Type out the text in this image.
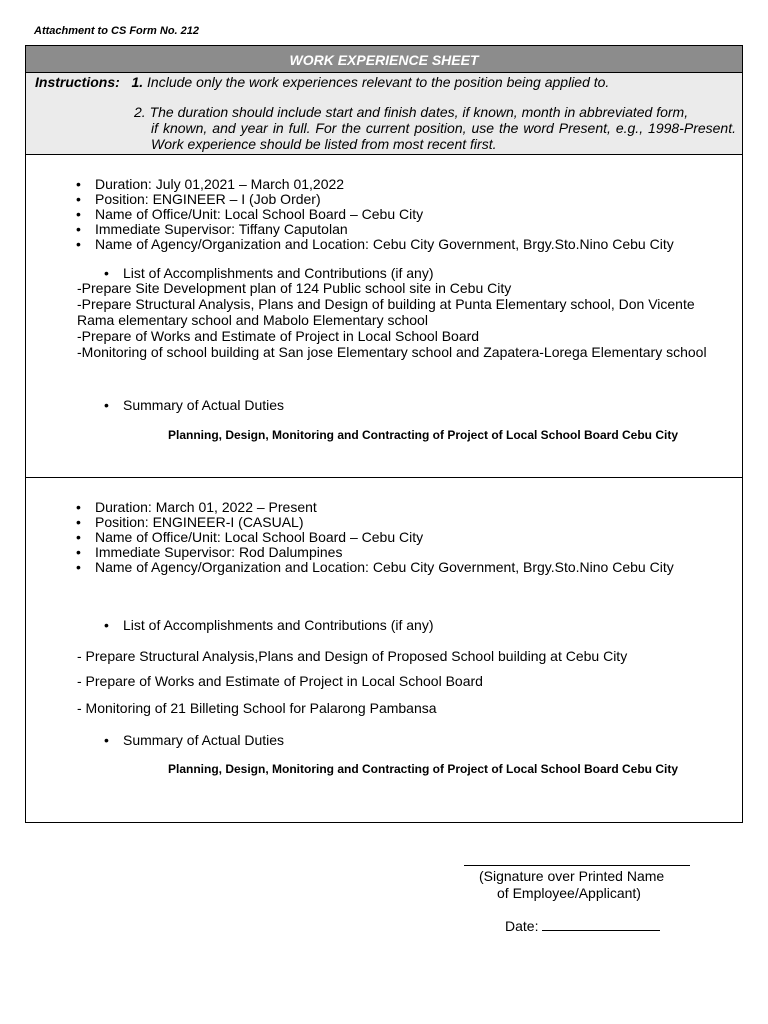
Attachment to CS Form No. 212
WORK EXPERIENCE SHEET
Instructions: 1. Include only the work experiences relevant to the position being applied to.
2. The duration should include start and finish dates, if known, month in abbreviated form,
if known, and year in full. For the current position, use the word Present, e.g., 1998-Present. Work experience should be listed from most recent first.
• Duration: July 01,2021 – March 01,2022
• Position: ENGINEER – I (Job Order)
• Name of Office/Unit: Local School Board – Cebu City
• Immediate Supervisor: Tiffany Caputolan
• Name of Agency/Organization and Location: Cebu City Government, Brgy.Sto.Nino Cebu City
• List of Accomplishments and Contributions (if any)
-Prepare Site Development plan of 124 Public school site in Cebu City
-Prepare Structural Analysis, Plans and Design of building at Punta Elementary school, Don Vicente Rama elementary school and Mabolo Elementary school
-Prepare of Works and Estimate of Project in Local School Board
-Monitoring of school building at San jose Elementary school and Zapatera-Lorega Elementary school
• Summary of Actual Duties
Planning, Design, Monitoring and Contracting of Project of Local School Board Cebu City
• Duration: March 01, 2022 – Present
• Position: ENGINEER-I (CASUAL)
• Name of Office/Unit: Local School Board – Cebu City
• Immediate Supervisor: Rod Dalumpines
• Name of Agency/Organization and Location: Cebu City Government, Brgy.Sto.Nino Cebu City
• List of Accomplishments and Contributions (if any)
- Prepare Structural Analysis,Plans and Design of Proposed School building at Cebu City
- Prepare of Works and Estimate of Project in Local School Board
- Monitoring of 21 Billeting School for Palarong Pambansa
• Summary of Actual Duties
Planning, Design, Monitoring and Contracting of Project of Local School Board Cebu City
(Signature over Printed Name
of Employee/Applicant)
Date:
